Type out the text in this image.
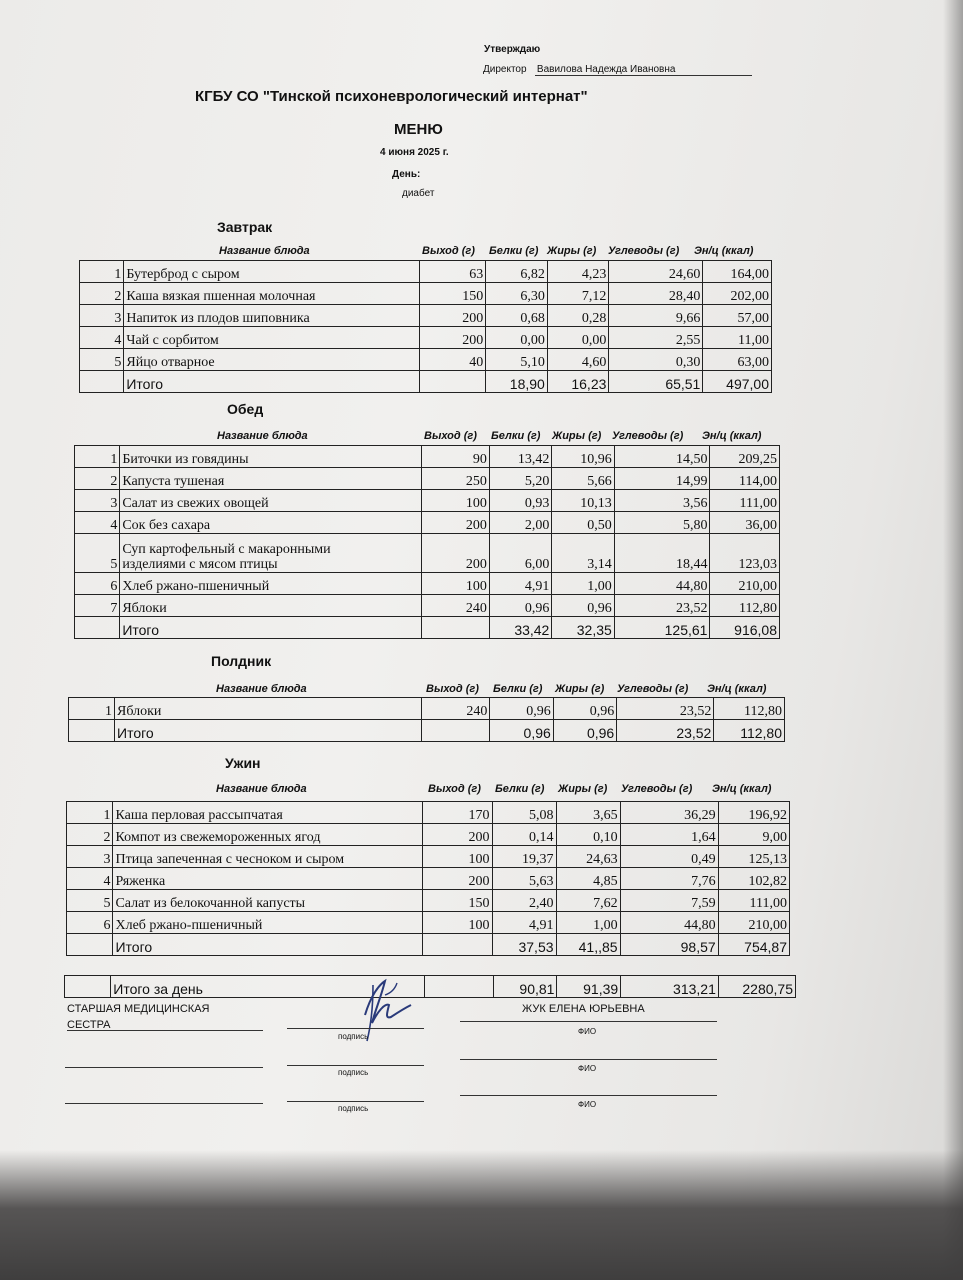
Утверждаю
Директор Вавилова Надежда Ивановна
КГБУ СО "Тинской психоневрологический интернат"
МЕНЮ
4 июня 2025 г.
День:
диабет
Завтрак
Название блюда	Выход (г) Белки (г) Жиры (г) Углеводы (г) Эн/ц (ккал)
1	Бутерброд с сыром	63	6,82	4,23	24,60	164,00
2	Каша вязкая пшенная молочная	150	6,30	7,12	28,40	202,00
3	Напиток из плодов шиповника	200	0,68	0,28	9,66	57,00
4	Чай с сорбитом	200	0,00	0,00	2,55	11,00
5	Яйцо отварное	40	5,10	4,60	0,30	63,00
	Итого		18,90	16,23	65,51	497,00
Обед
Название блюда	Выход (г) Белки (г) Жиры (г) Углеводы (г) Эн/ц (ккал)
1	Биточки из говядины	90	13,42	10,96	14,50	209,25
2	Капуста тушеная	250	5,20	5,66	14,99	114,00
3	Салат из свежих овощей	100	0,93	10,13	3,56	111,00
4	Сок без сахара	200	2,00	0,50	5,80	36,00
5	Суп картофельный с макаронными
изделиями с мясом птицы	200	6,00	3,14	18,44	123,03
6	Хлеб ржано-пшеничный	100	4,91	1,00	44,80	210,00
7	Яблоки	240	0,96	0,96	23,52	112,80
	Итого		33,42	32,35	125,61	916,08
Полдник
Название блюда	Выход (г) Белки (г) Жиры (г) Углеводы (г) Эн/ц (ккал)
1	Яблоки	240	0,96	0,96	23,52	112,80
	Итого		0,96	0,96	23,52	112,80
Ужин
Название блюда	Выход (г) Белки (г) Жиры (г) Углеводы (г) Эн/ц (ккал)
1	Каша перловая рассыпчатая	170	5,08	3,65	36,29	196,92
2	Компот из свежемороженных ягод	200	0,14	0,10	1,64	9,00
3	Птица запеченная с чесноком и сыром	100	19,37	24,63	0,49	125,13
4	Ряженка	200	5,63	4,85	7,76	102,82
5	Салат из белокочанной капусты	150	2,40	7,62	7,59	111,00
6	Хлеб ржано-пшеничный	100	4,91	1,00	44,80	210,00
	Итого		37,53	41,,85	98,57	754,87
	Итого за день		90,81	91,39	313,21	2280,75
СТАРШАЯ МЕДИЦИНСКАЯ
СЕСТРА
ЖУК ЕЛЕНА ЮРЬЕВНА
подпись
ФИО
подпись	ФИО
подпись	ФИО
